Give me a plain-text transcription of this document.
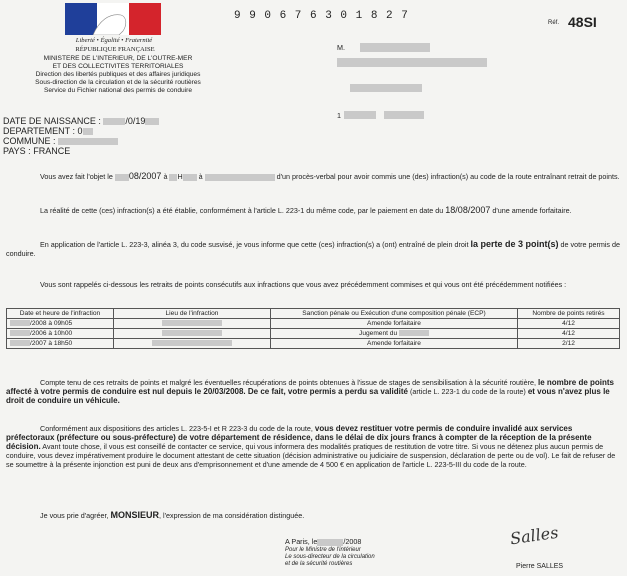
Liberté • Égalité • Fraternité
RÉPUBLIQUE FRANÇAISE
MINISTERE DE L'INTERIEUR, DE L'OUTRE-MER
ET DES COLLECTIVITES TERRITORIALES
Direction des libertés publiques et des affaires juridiques
Sous-direction de la circulation et de la sécurité routières
Service du Fichier national des permis de conduire
9 9 0 6 7 6 3 0 1 8 2 7
Réf. 48SI
M.
1
DATE DE NAISSANCE :	/0/19
DEPARTEMENT : 0
COMMUNE :
PAYS : FRANCE
Vous avez fait l'objet le 08/2007 à H à	d'un procès-verbal pour avoir commis une (des) infraction(s) au code de la route entraînant retrait de points.
La réalité de cette (ces) infraction(s) a été établie, conformément à l'article L. 223-1 du même code, par le paiement en date du 18/08/2007 d'une amende forfaitaire.
En application de l'article L. 223-3, alinéa 3, du code susvisé, je vous informe que cette (ces) infraction(s) a (ont) entraîné de plein droit la perte de 3 point(s) de votre permis de conduire.
Vous sont rappelés ci-dessous les retraits de points consécutifs aux infractions que vous avez précédemment commises et qui vous ont été précédemment notifiées :
Date et heure de l'infraction	Lieu de l'infraction	Sanction pénale ou Exécution d'une composition pénale (ECP)	Nombre de points retirés
/2008 à 09h05		Amende forfaitaire	4/12
/2006 à 10h00		Jugement du	4/12
/2007 à 18h50		Amende forfaitaire	2/12
Compte tenu de ces retraits de points et malgré les éventuelles récupérations de points obtenues à l'issue de stages de sensibilisation à la sécurité routière, le nombre de points affecté à votre permis de conduire est nul depuis le 20/03/2008. De ce fait, votre permis a perdu sa validité (article L. 223-1 du code de la route) et vous n'avez plus le droit de conduire un véhicule.
Conformément aux dispositions des articles L. 223-5-I et R 223-3 du code de la route, vous devez restituer votre permis de conduire invalidé aux services préfectoraux (préfecture ou sous-préfecture) de votre département de résidence, dans le délai de dix jours francs à compter de la réception de la présente décision. Avant toute chose, il vous est conseillé de contacter ce service, qui vous informera des modalités pratiques de restitution de votre titre. Si vous ne détenez plus aucun permis de conduire, vous devez impérativement produire le document attestant de cette situation (décision administrative ou judiciaire de suspension, déclaration de perte ou de vol). Le fait de refuser de se soumettre à la présente injonction est puni de deux ans d'emprisonnement et d'une amende de 4 500 € en application de l'article L. 223-5-III du code de la route.
Je vous prie d'agréer, MONSIEUR, l'expression de ma considération distinguée.
A Paris, le	/2008
Pour le Ministre de l'intérieur
Le sous-directeur de la circulation
et de la sécurité routières
Salles
Pierre SALLES
